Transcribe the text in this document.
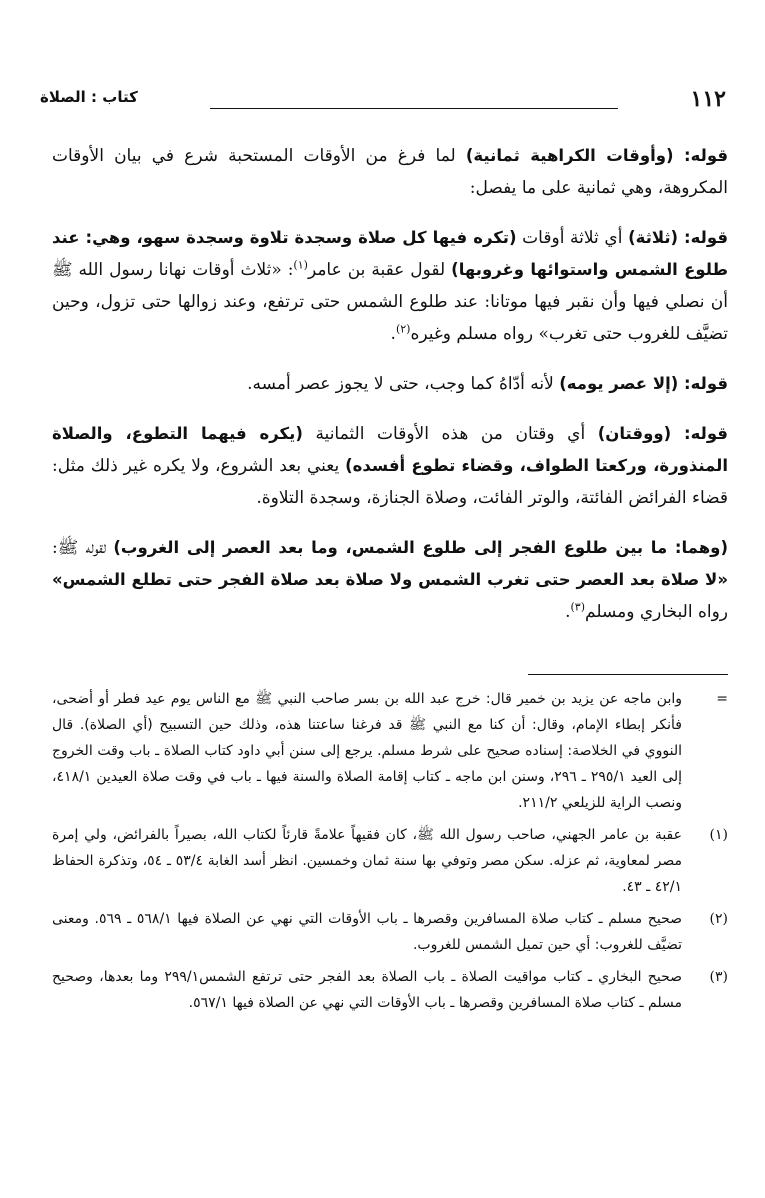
١١٢
كتاب : الصلاة

قوله: (وأوقات الكراهية ثمانية) لما فرغ من الأوقات المستحبة شرع في بيان الأوقات المكروهة، وهي ثمانية على ما يفصل:

قوله: (ثلاثة) أي ثلاثة أوقات (تكره فيها كل صلاة وسجدة تلاوة وسجدة سهو، وهي: عند طلوع الشمس واستوائها وغروبها) لقول عقبة بن عامر$^{(١)}$: «ثلاث أوقات نهانا رسول الله ﷺ أن نصلي فيها وأن نقبر فيها موتانا: عند طلوع الشمس حتى ترتفع، وعند زوالها حتى تزول، وحين تضيَّف للغروب حتى تغرب» رواه مسلم وغيره$^{(٢)}$.

قوله: (إلا عصر يومه) لأنه أدّاهُ كما وجب، حتى لا يجوز عصر أمسه.

قوله: (ووقتان) أي وقتان من هذه الأوقات الثمانية (يكره فيهما التطوع، والصلاة المنذورة، وركعتا الطواف، وقضاء تطوع أفسده) يعني بعد الشروع، ولا يكره غير ذلك مثل: قضاء الفرائض الفائتة، والوتر الفائت، وصلاة الجنازة، وسجدة التلاوة.

(وهما: ما بين طلوع الفجر إلى طلوع الشمس، وما بعد العصر إلى الغروب) لقوله ﷺ: «لا صلاة بعد العصر حتى تغرب الشمس ولا صلاة بعد صلاة الفجر حتى تطلع الشمس» رواه البخاري ومسلم$^{(٣)}$.

=
وابن ماجه عن يزيد بن خمير قال: خرج عبد الله بن بسر صاحب النبي ﷺ مع الناس يوم عيد فطر أو أضحى، فأنكر إبطاء الإمام، وقال: أن كنا مع النبي ﷺ قد فرغنا ساعتنا هذه، وذلك حين التسبيح (أي الصلاة). قال النووي في الخلاصة: إسناده صحيح على شرط مسلم. يرجع إلى سنن أبي داود كتاب الصلاة ـ باب وقت الخروج إلى العيد ٢٩٥/١ ـ ٢٩٦، وسنن ابن ماجه ـ كتاب إقامة الصلاة والسنة فيها ـ باب في وقت صلاة العيدين ٤١٨/١، ونصب الراية للزيلعي ٢١١/٢.
(١)
عقبة بن عامر الجهني، صاحب رسول الله ﷺ، كان فقيهاً علامةً قارئاً لكتاب الله، بصيراً بالفرائض، ولي إمرة مصر لمعاوية، ثم عزله. سكن مصر وتوفي بها سنة ثمان وخمسين. انظر أسد الغابة ٥٣/٤ ـ ٥٤، وتذكرة الحفاظ ٤٢/١ ـ ٤٣.
(٢)
صحيح مسلم ـ كتاب صلاة المسافرين وقصرها ـ باب الأوقات التي نهي عن الصلاة فيها ٥٦٨/١ ـ ٥٦٩. ومعنى تضيَّف للغروب: أي حين تميل الشمس للغروب.
(٣)
صحيح البخاري ـ كتاب مواقيت الصلاة ـ باب الصلاة بعد الفجر حتى ترتفع الشمس٢٩٩/١ وما بعدها، وصحيح مسلم ـ كتاب صلاة المسافرين وقصرها ـ باب الأوقات التي نهي عن الصلاة فيها ٥٦٧/١.
